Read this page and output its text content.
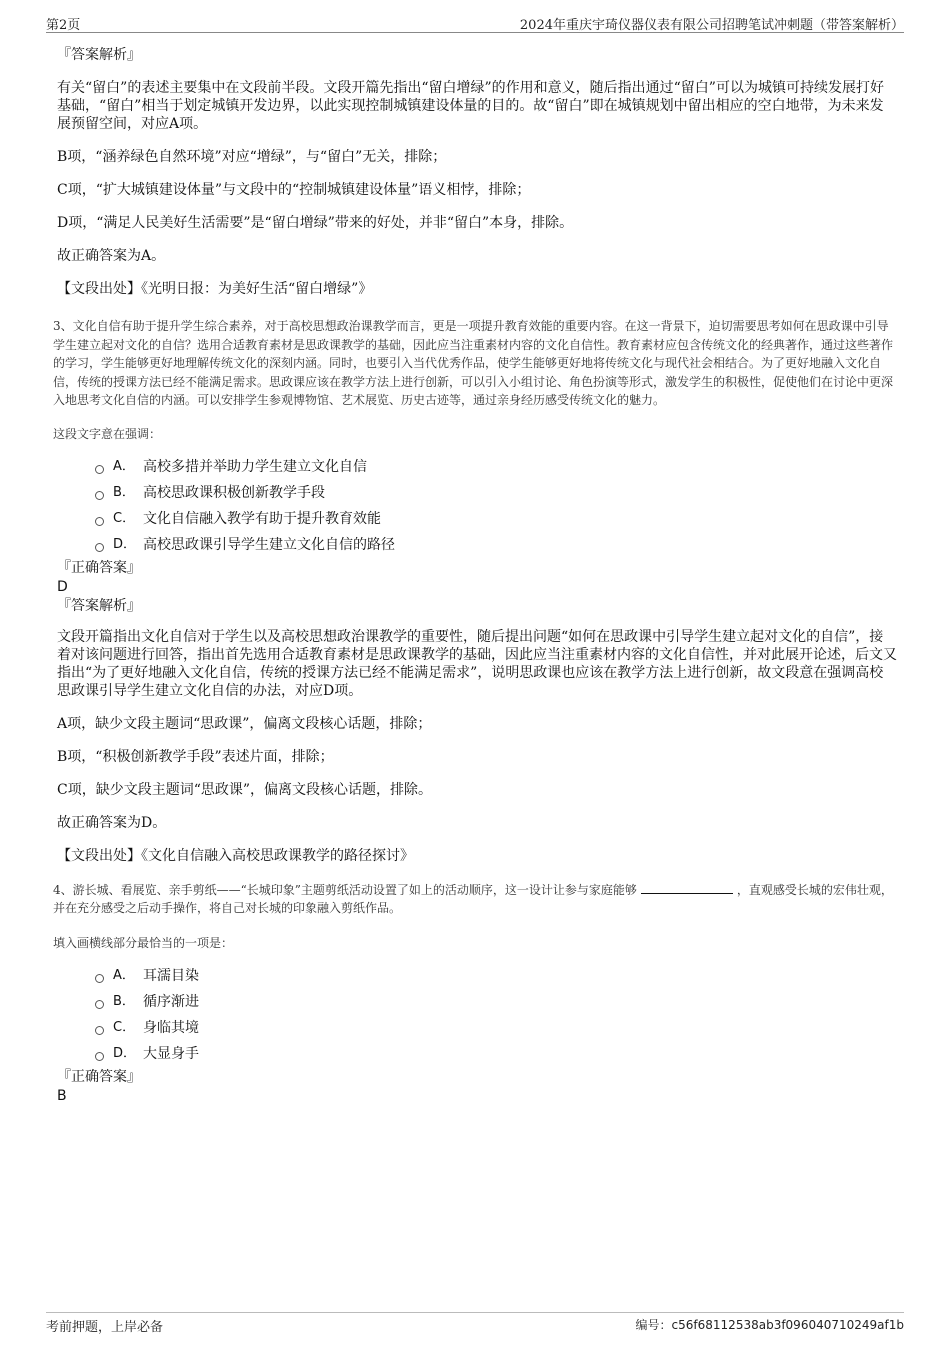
第2页	2024年重庆宇琦仪器仪表有限公司招聘笔试冲刺题（带答案解析）

『答案解析』

有关“留白”的表述主要集中在文段前半段。文段开篇先指出“留白增绿”的作用和意义，随后指出通过“留白”可以为城镇可持续发展打好基础，“留白”相当于划定城镇开发边界，以此实现控制城镇建设体量的目的。故“留白”即在城镇规划中留出相应的空白地带，为未来发展预留空间，对应A项。

B项，“涵养绿色自然环境”对应“增绿”，与“留白”无关，排除；

C项，“扩大城镇建设体量”与文段中的“控制城镇建设体量”语义相悖，排除；

D项，“满足人民美好生活需要”是“留白增绿”带来的好处，并非“留白”本身，排除。

故正确答案为A。

【文段出处】《光明日报：为美好生活“留白增绿”》

3、文化自信有助于提升学生综合素养，对于高校思想政治课教学而言，更是一项提升教育效能的重要内容。在这一背景下，迫切需要思考如何在思政课中引导学生建立起对文化的自信？选用合适教育素材是思政课教学的基础，因此应当注重素材内容的文化自信性。教育素材应包含传统文化的经典著作，通过这些著作的学习，学生能够更好地理解传统文化的深刻内涵。同时，也要引入当代优秀作品，使学生能够更好地将传统文化与现代社会相结合。为了更好地融入文化自信，传统的授课方法已经不能满足需求。思政课应该在教学方法上进行创新，可以引入小组讨论、角色扮演等形式，激发学生的积极性，促使他们在讨论中更深入地思考文化自信的内涵。可以安排学生参观博物馆、艺术展览、历史古迹等，通过亲身经历感受传统文化的魅力。

这段文字意在强调：

A． 高校多措并举助力学生建立文化自信
B． 高校思政课积极创新教学手段
C． 文化自信融入教学有助于提升教育效能
D． 高校思政课引导学生建立文化自信的路径

『正确答案』

D

『答案解析』

文段开篇指出文化自信对于学生以及高校思想政治课教学的重要性，随后提出问题“如何在思政课中引导学生建立起对文化的自信”，接着对该问题进行回答，指出首先选用合适教育素材是思政课教学的基础，因此应当注重素材内容的文化自信性，并对此展开论述，后文又指出“为了更好地融入文化自信，传统的授课方法已经不能满足需求”，说明思政课也应该在教学方法上进行创新，故文段意在强调高校思政课引导学生建立文化自信的办法，对应D项。

A项，缺少文段主题词“思政课”，偏离文段核心话题，排除；

B项，“积极创新教学手段”表述片面，排除；

C项，缺少文段主题词“思政课”，偏离文段核心话题，排除。

故正确答案为D。

【文段出处】《文化自信融入高校思政课教学的路径探讨》

4、游长城、看展览、亲手剪纸——“长城印象”主题剪纸活动设置了如上的活动顺序，这一设计让参与家庭能够	，直观感受长城的宏伟壮观，并在充分感受之后动手操作，将自己对长城的印象融入剪纸作品。

填入画横线部分最恰当的一项是：

A． 耳濡目染
B． 循序渐进
C． 身临其境
D． 大显身手

『正确答案』

B

考前押题，上岸必备	编号：c56f68112538ab3f096040710249af1b
